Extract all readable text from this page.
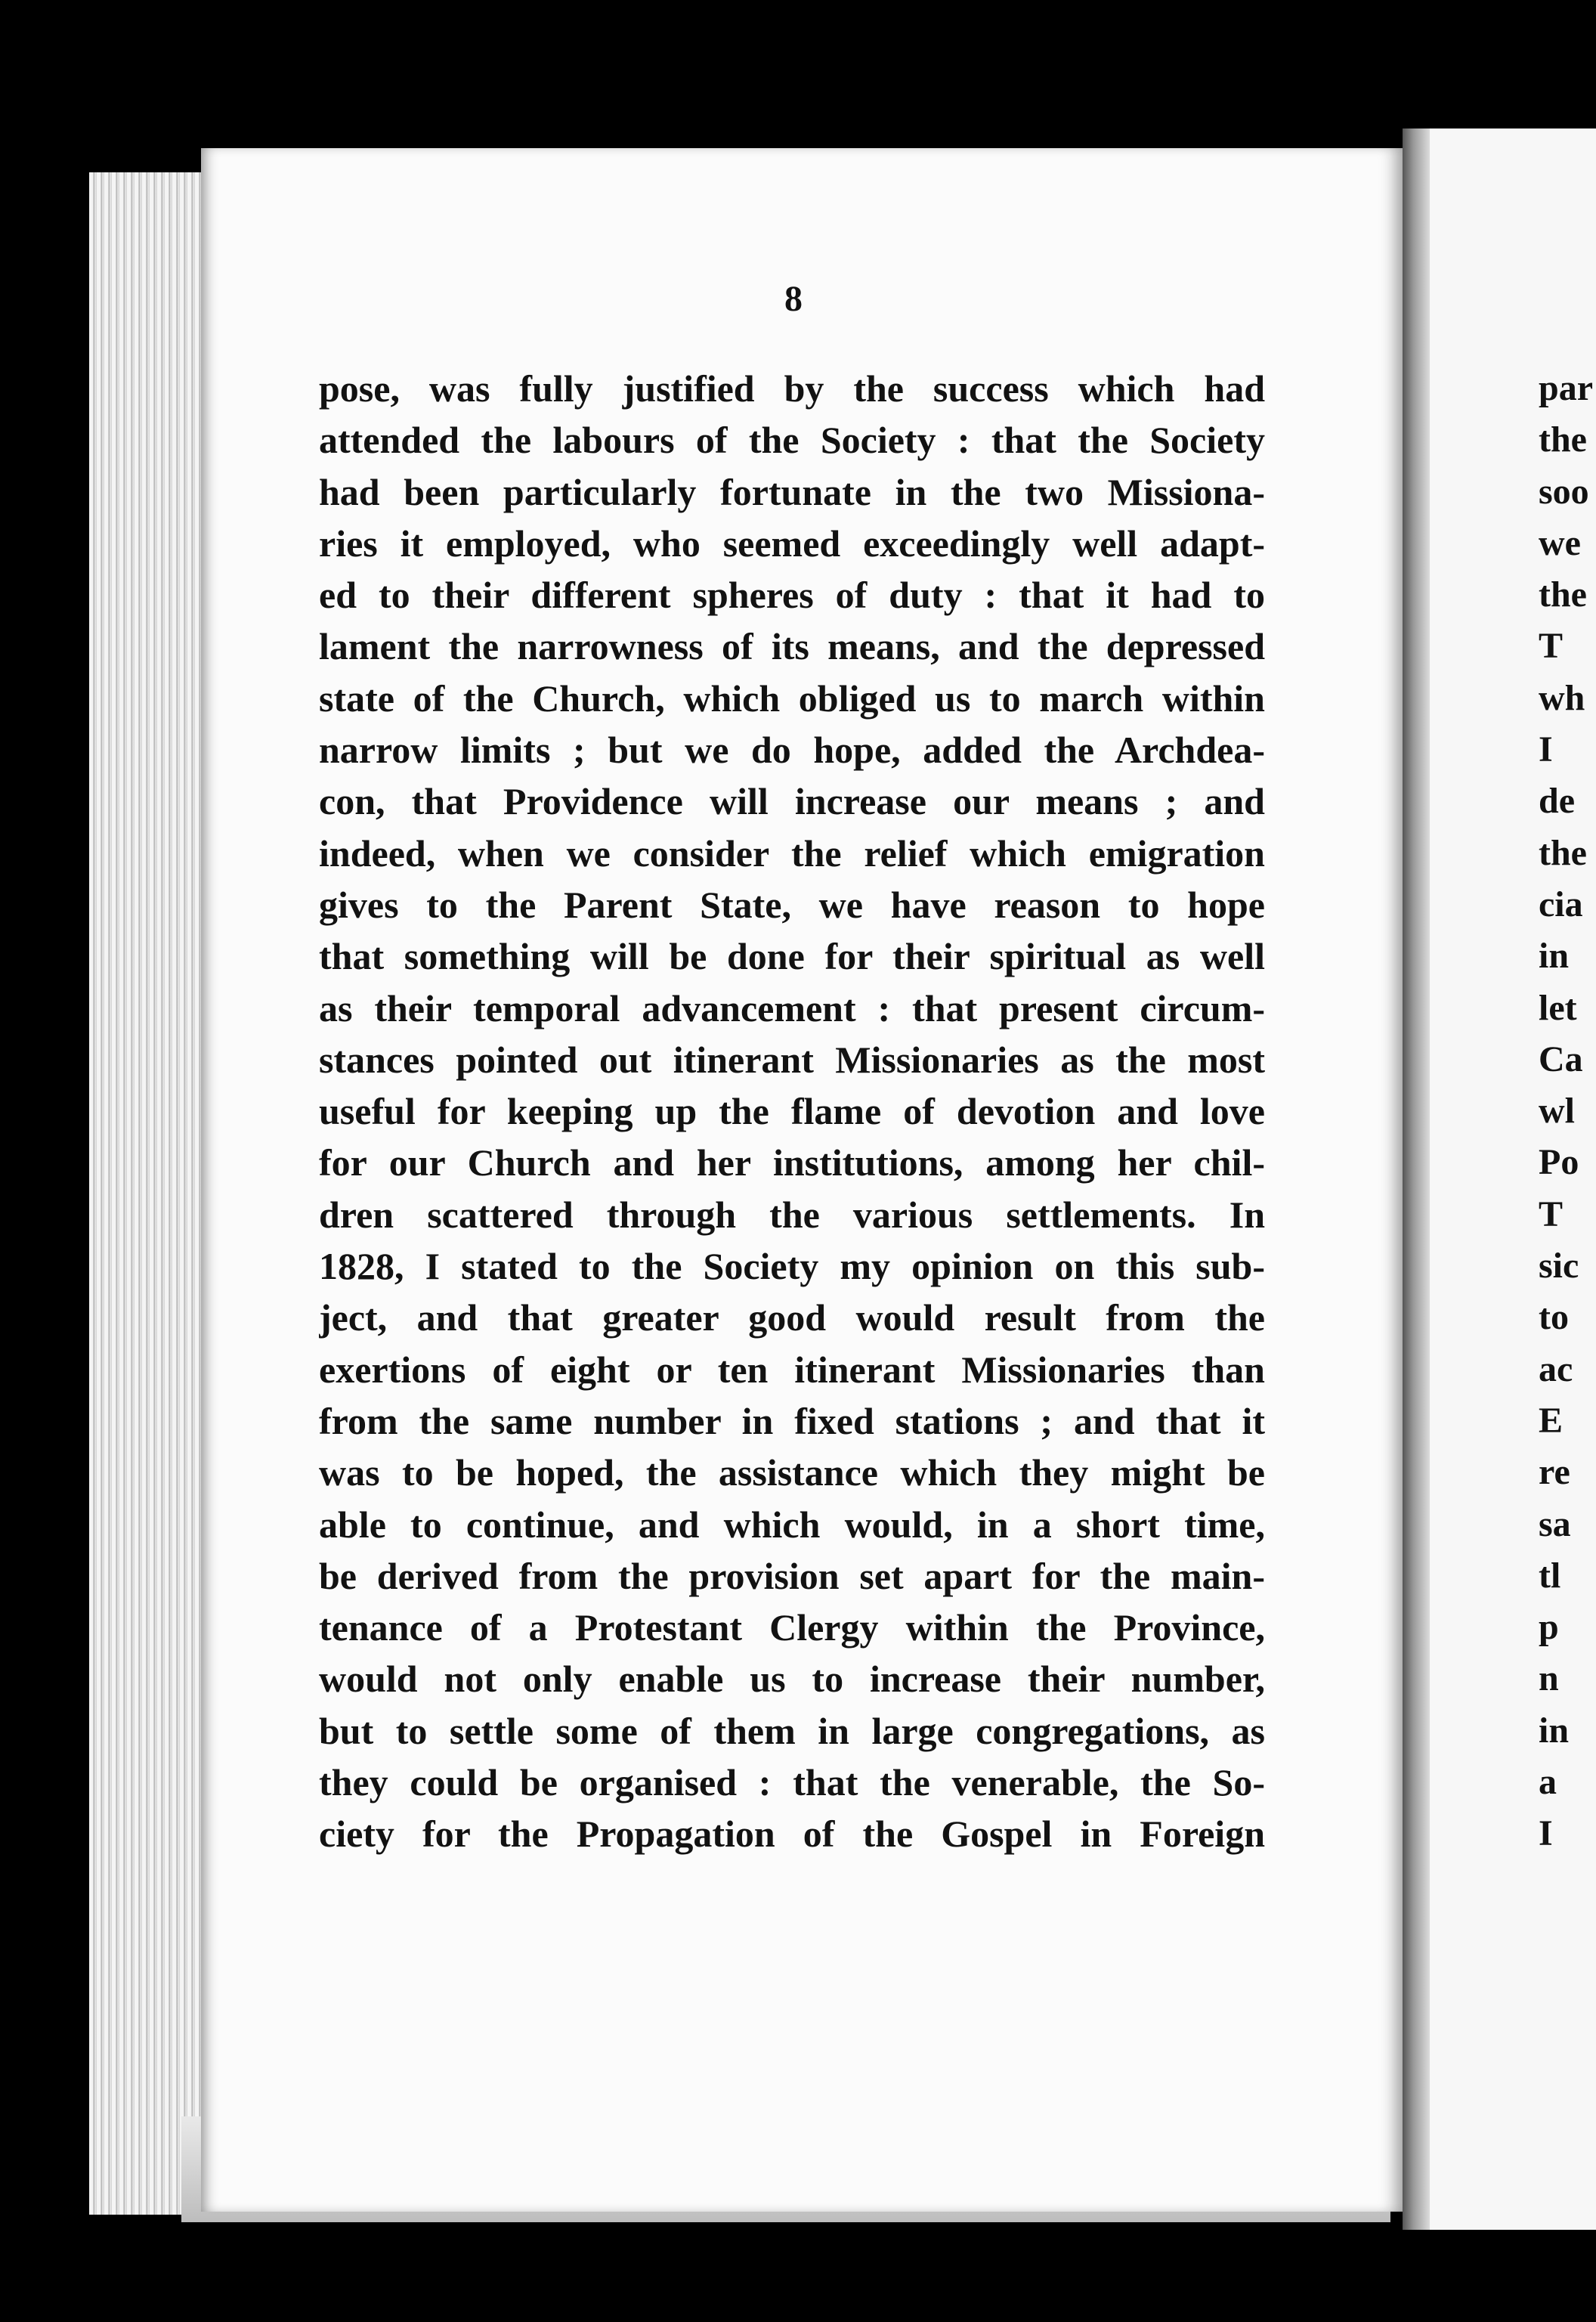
8
pose, was fully justified by the success which had
attended the labours of the Society : that the Society
had been particularly fortunate in the two Missiona-
ries it employed, who seemed exceedingly well adapt-
ed to their different spheres of duty : that it had to
lament the narrowness of its means, and the depressed
state of the Church, which obliged us to march within
narrow limits ; but we do hope, added the Archdea-
con, that Providence will increase our means ; and
indeed, when we consider the relief which emigration
gives to the Parent State, we have reason to hope
that something will be done for their spiritual as well
as their temporal advancement : that present circum-
stances pointed out itinerant Missionaries as the most
useful for keeping up the flame of devotion and love
for our Church and her institutions, among her chil-
dren scattered through the various settlements. In
1828, I stated to the Society my opinion on this sub-
ject, and that greater good would result from the
exertions of eight or ten itinerant Missionaries than
from the same number in fixed stations ; and that it
was to be hoped, the assistance which they might be
able to continue, and which would, in a short time,
be derived from the provision set apart for the main-
tenance of a Protestant Clergy within the Province,
would not only enable us to increase their number,
but to settle some of them in large congregations, as
they could be organised : that the venerable, the So-
ciety for the Propagation of the Gospel in Foreign
par
the
soo
we
the
T
wh
I
de
the
cia
in
let
Ca
wl
Po
T
sic
to
ac
E
re
sa
tl
p
n
in
a
I
